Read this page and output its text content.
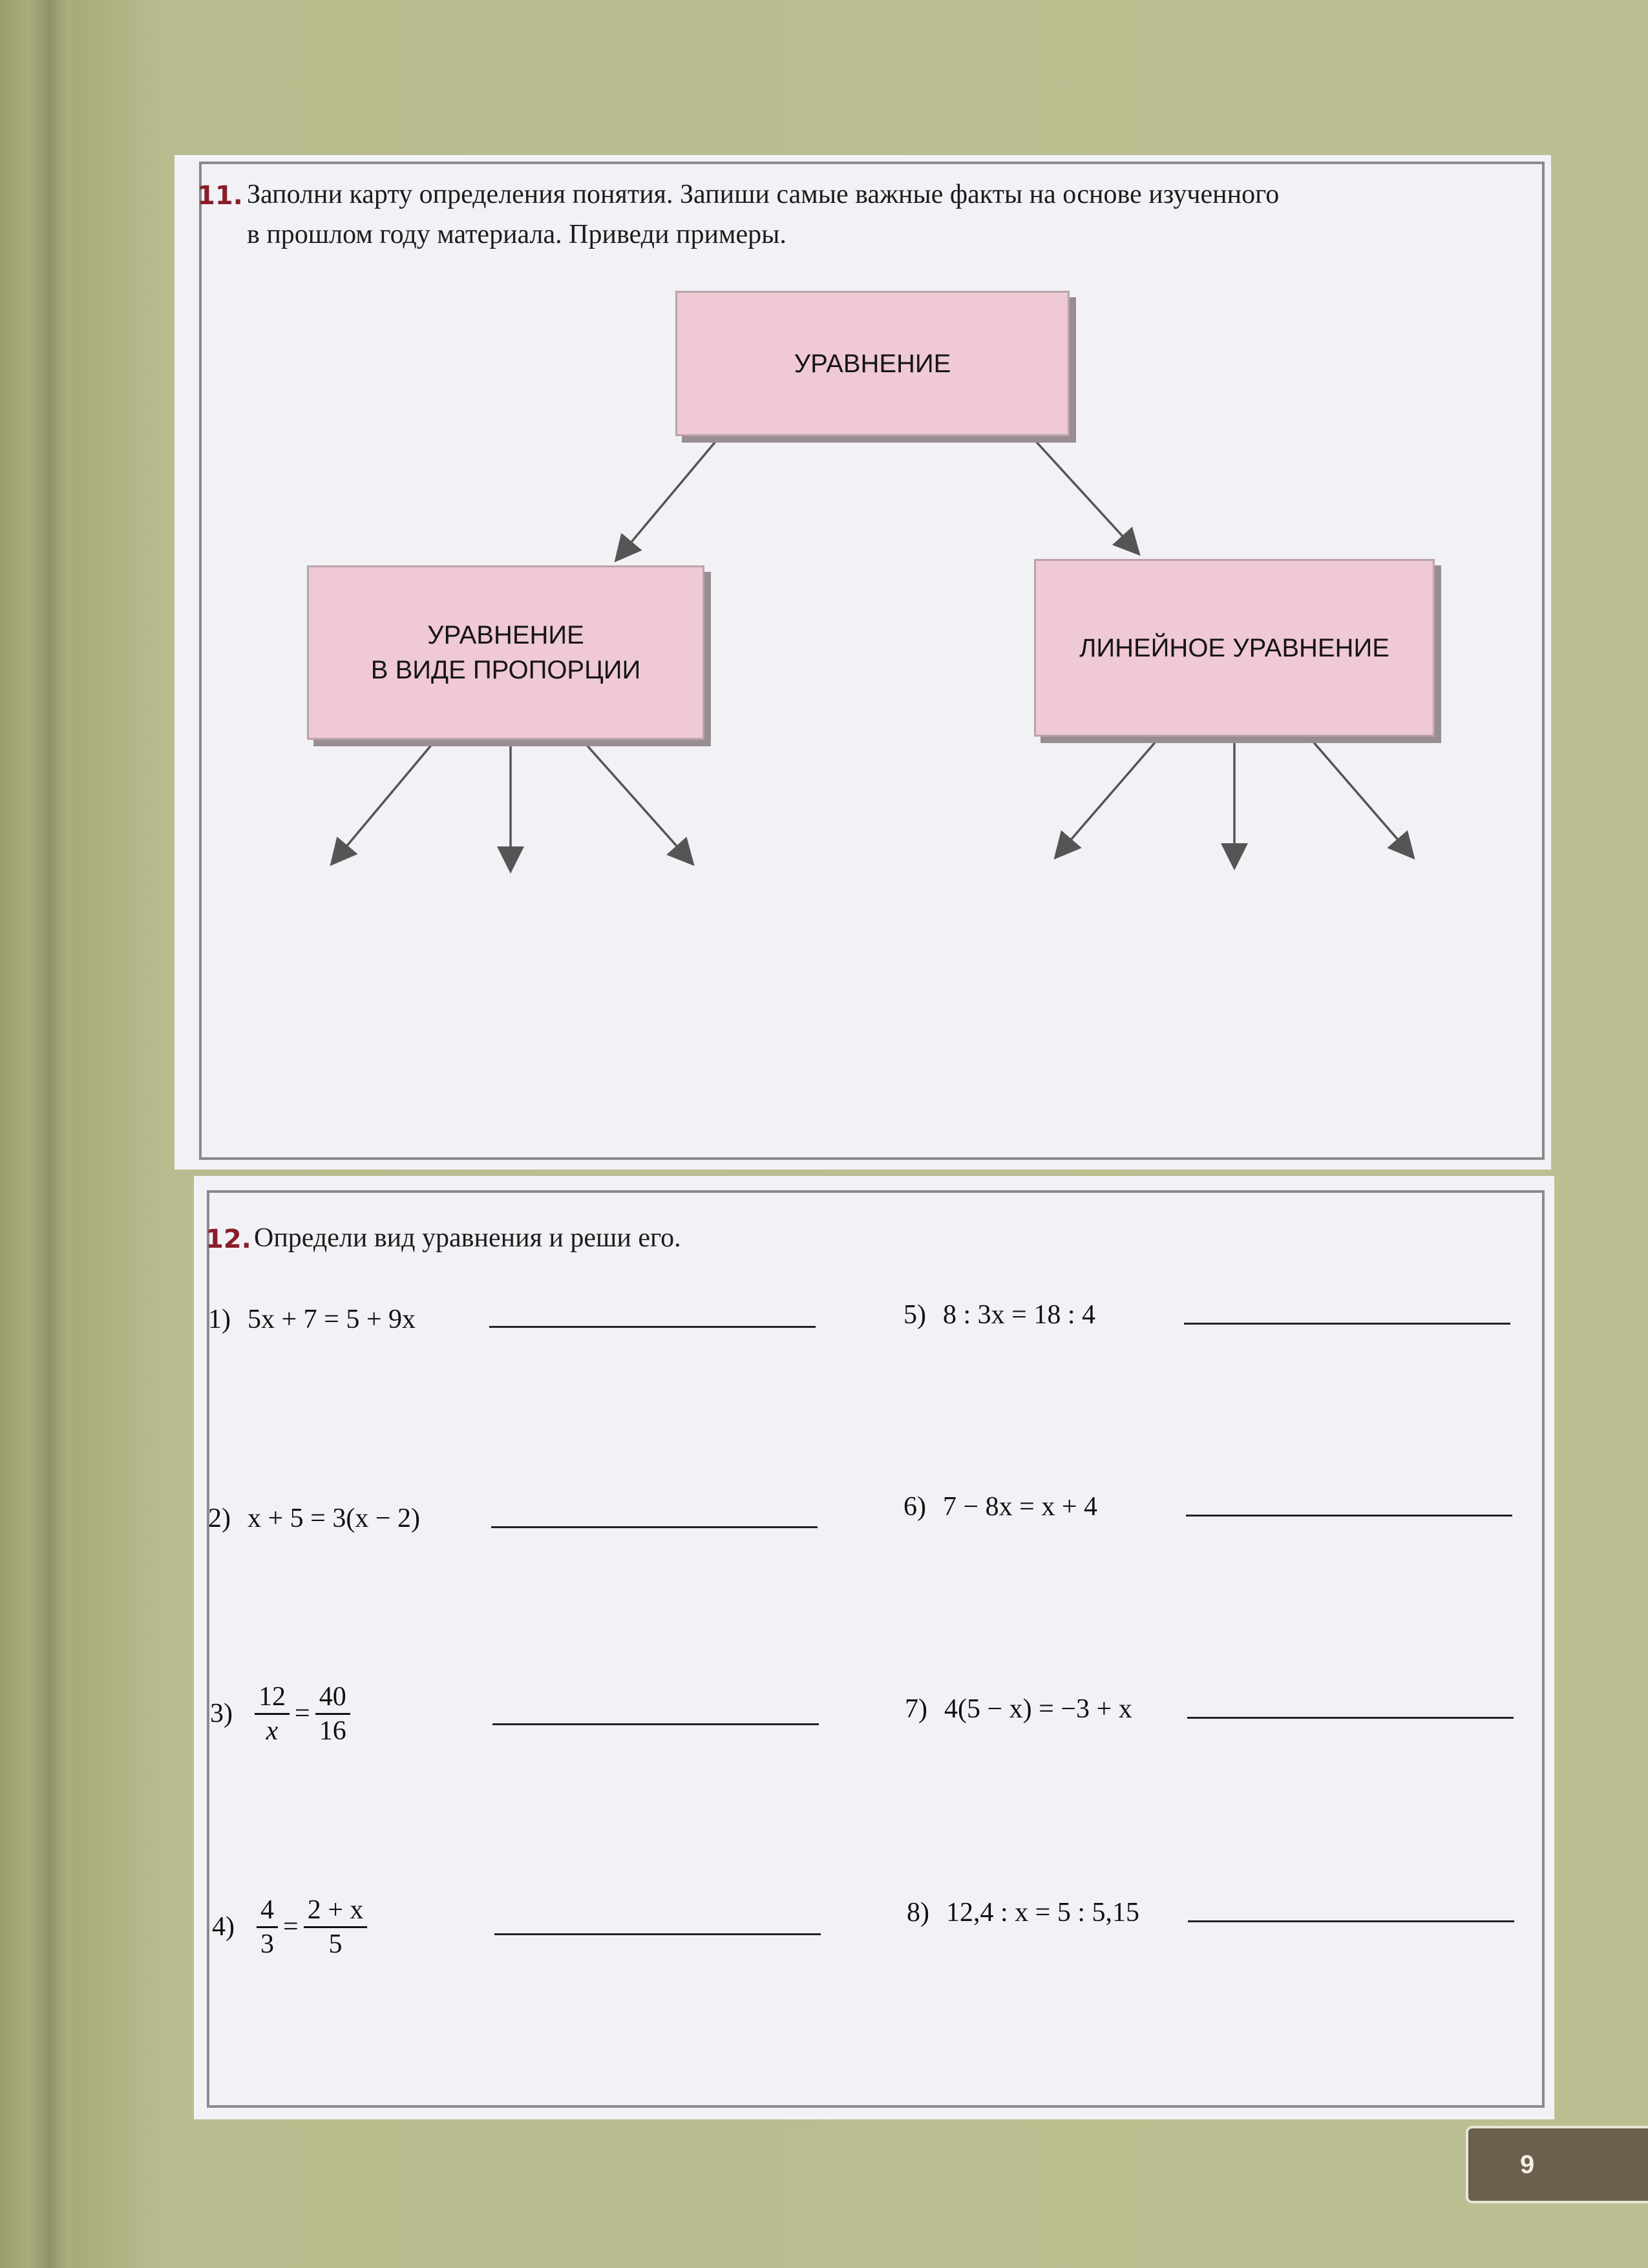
11. Заполни карту определения понятия. Запиши самые важные факты на основе изученного
в прошлом году материала. Приведи примеры.
УРАВНЕНИЕ
УРАВНЕНИЕ
В ВИДЕ ПРОПОРЦИИ
ЛИНЕЙНОЕ УРАВНЕНИЕ
12. Определи вид уравнения и реши его.
1) 5x + 7 = 5 + 9x
2) x + 5 = 3(x − 2)
$3) \frac{12}{x} = \frac{40}{16}$
$4) \frac{4}{3} = \frac{2 + x}{5}$
5) 8 : 3x = 18 : 4
6) 7 − 8x = x + 4
7) 4(5 − x) = −3 + x
8) 12,4 : x = 5 : 5,15
9
